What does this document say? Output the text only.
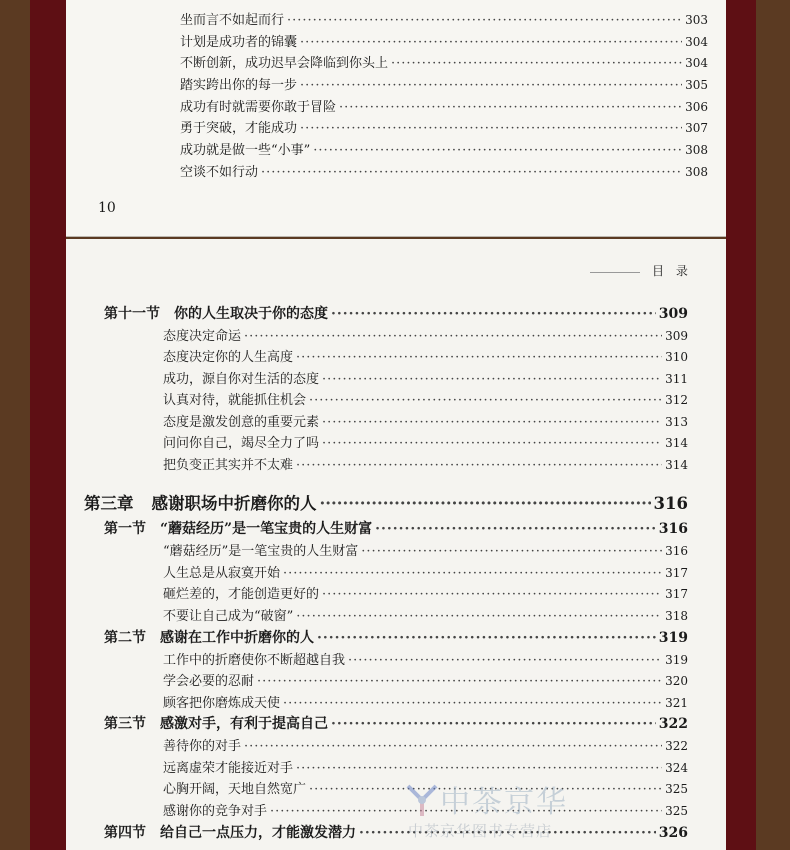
坐而言不如起而行 ·····	303
计划是成功者的锦囊 ·····	304
不断创新，成功迟早会降临到你头上 ·····	304
踏实跨出你的每一步 ·····	305
成功有时就需要你敢于冒险 ·····	306
勇于突破，才能成功 ·····	307
成功就是做一些“小事” ·····	308
空谈不如行动 ·····	308
10
目 录
第十一节 你的人生取决于你的态度 ·····	309
态度决定命运 ·····	309
态度决定你的人生高度 ·····	310
成功，源自你对生活的态度 ·····	311
认真对待，就能抓住机会 ·····	312
态度是激发创意的重要元素 ·····	313
问问你自己，竭尽全力了吗 ·····	314
把负变正其实并不太难 ·····	314
第三章 感谢职场中折磨你的人 ·····	316
第一节 “蘑菇经历”是一笔宝贵的人生财富 ·····	316
“蘑菇经历”是一笔宝贵的人生财富 ·····	316
人生总是从寂寞开始 ·····	317
砸烂差的，才能创造更好的 ·····	317
不要让自己成为“破窗” ·····	318
第二节 感谢在工作中折磨你的人 ·····	319
工作中的折磨使你不断超越自我 ·····	319
学会必要的忍耐 ·····	320
顾客把你磨炼成天使 ·····	321
第三节 感激对手，有利于提高自己 ·····	322
善待你的对手 ·····	322
远离虚荣才能接近对手 ·····	324
心胸开阔，天地自然宽广 ·····	325
感谢你的竞争对手 ·····	325
第四节 给自己一点压力，才能激发潜力 ·····	326
中茶京华
中茶京华图书专营店
